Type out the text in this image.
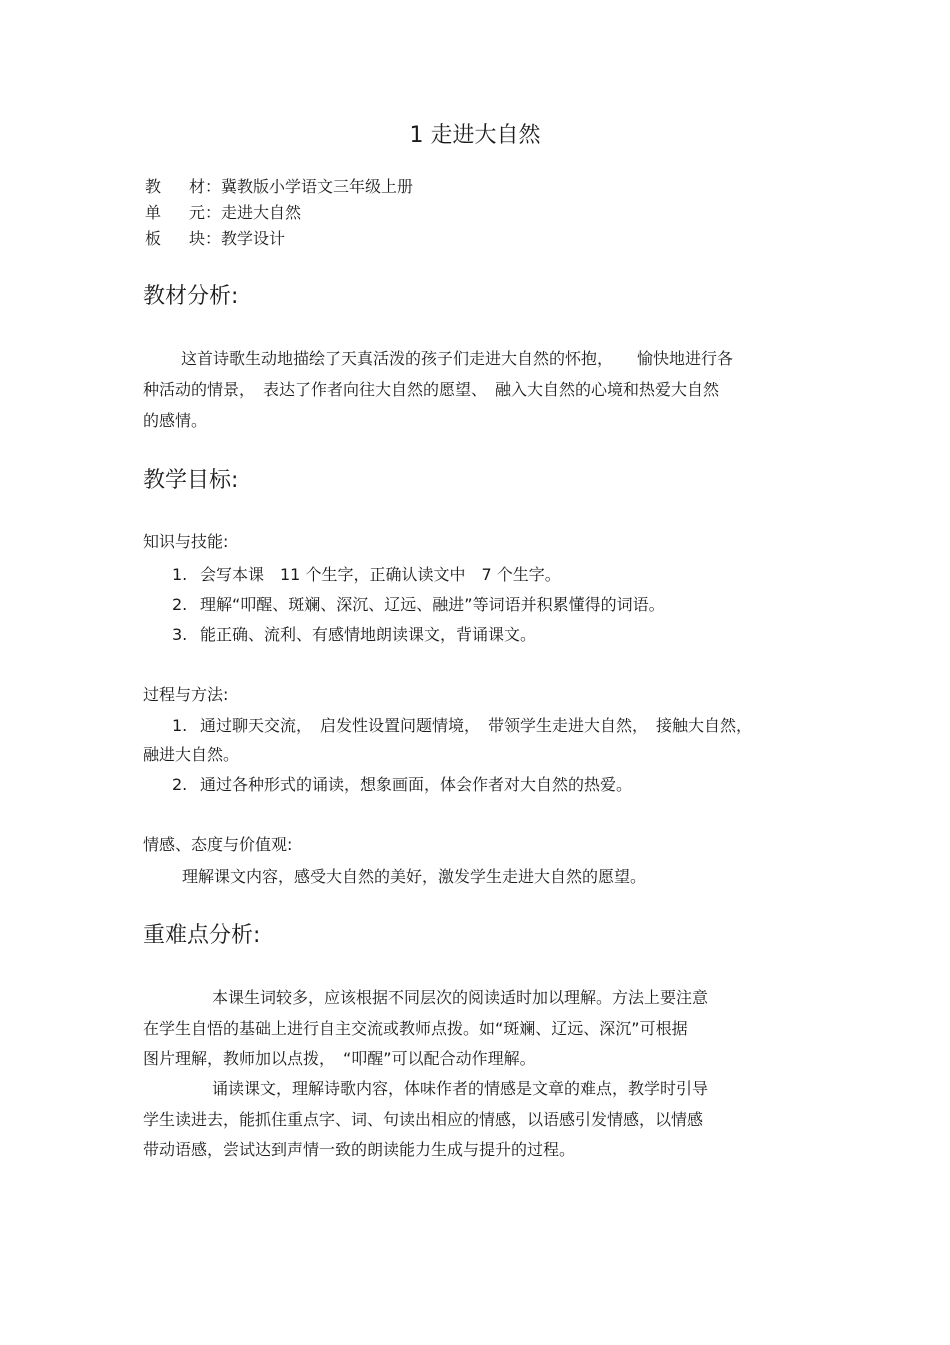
1 走进大自然
教 材：冀教版小学语文三年级上册
单 元：走进大自然
板 块：教学设计
教材分析:
这首诗歌生动地描绘了天真活泼的孩子们走进大自然的怀抱，　　愉快地进行各
种活动的情景，　表达了作者向往大自然的愿望、　融入大自然的心境和热爱大自然
的感情。
教学目标:
知识与技能:
1. 会写本课　11 个生字，正确认读文中　7 个生字。
2. 理解“叩醒、斑斓、深沉、辽远、融进”等词语并积累懂得的词语。
3. 能正确、流利、有感情地朗读课文，背诵课文。
过程与方法:
1. 通过聊天交流，　启发性设置问题情境，　带领学生走进大自然，　接触大自然，
融进大自然。
2. 通过各种形式的诵读，想象画面，体会作者对大自然的热爱。
情感、态度与价值观:
理解课文内容，感受大自然的美好，激发学生走进大自然的愿望。
重难点分析:
本课生词较多，应该根据不同层次的阅读适时加以理解。方法上要注意
在学生自悟的基础上进行自主交流或教师点拨。如“斑斓、辽远、深沉”可根据
图片理解，教师加以点拨，　“叩醒”可以配合动作理解。
诵读课文，理解诗歌内容，体味作者的情感是文章的难点，教学时引导
学生读进去，能抓住重点字、词、句读出相应的情感，以语感引发情感，以情感
带动语感，尝试达到声情一致的朗读能力生成与提升的过程。
